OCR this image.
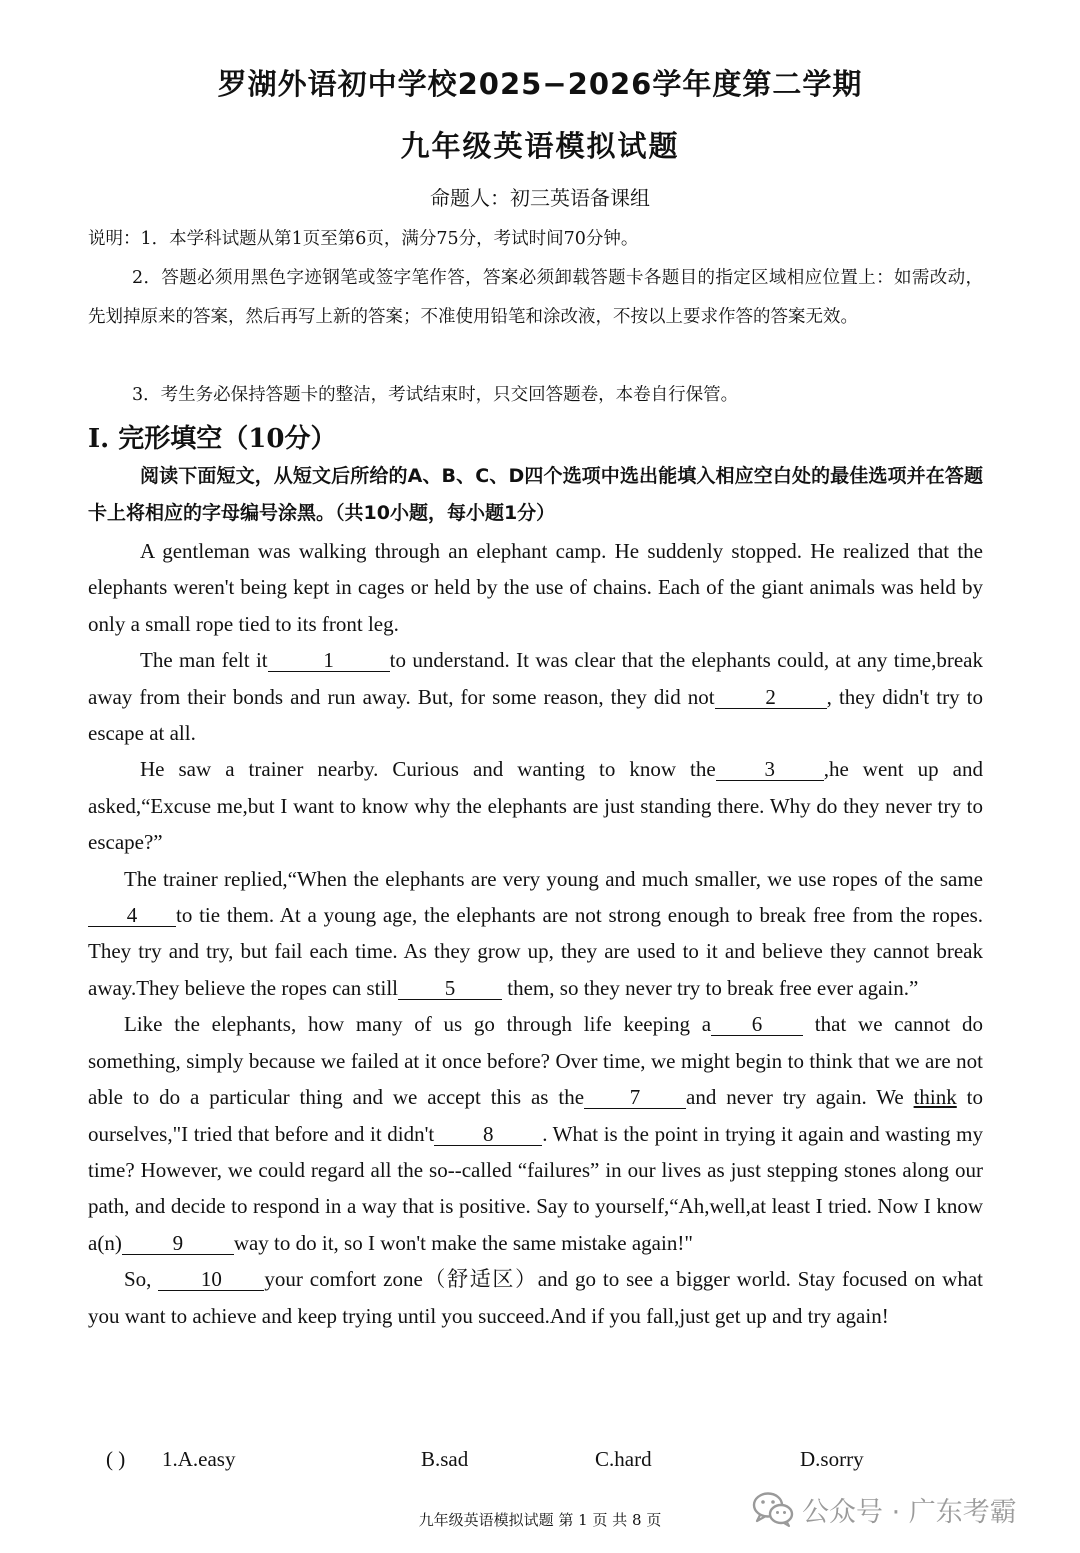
罗湖外语初中学校2025−2026学年度第二学期
九年级英语模拟试题
命题人：初三英语备课组
说明：1．本学科试题从第1页至第6页，满分75分，考试时间70分钟。
2．答题必须用黑色字迹钢笔或签字笔作答，答案必须卸载答题卡各题目的指定区域相应位置上：如需改动，先划掉原来的答案，然后再写上新的答案；不准使用铅笔和涂改液，不按以上要求作答的答案无效。
3．考生务必保持答题卡的整洁，考试结束时，只交回答题卷，本卷自行保管。
I. 完形填空（10分）
阅读下面短文，从短文后所给的A、B、C、D四个选项中选出能填入相应空白处的最佳选项并在答题卡上将相应的字母编号涂黑。（共10小题，每小题1分）

A gentleman was walking through an elephant camp. He suddenly stopped. He realized that the elephants weren't being kept in cages or held by the use of chains. Each of the giant animals was held by only a small rope tied to its front leg.

The man felt it	1	to understand. It was clear that the elephants could, at any time,break away from their bonds and run away. But, for some reason, they did not 2 , they didn't try to escape at all.

He saw a trainer nearby. Curious and wanting to know the 3 ,he went up and asked,“Excuse me,but I want to know why the elephants are just standing there. Why do they never try to escape?”

The trainer replied,“When the elephants are very young and much smaller, we use ropes of the same4 to tie them. At a young age, the elephants are not strong enough to break free from the ropes. They try and try, but fail each time. As they grow up, they are used to it and believe they cannot break away.They believe the ropes can still 5 them, so they never try to break free ever again.”

Like the elephants, how many of us go through life keeping a 6 that we cannot do something, simply because we failed at it once before? Over time, we might begin to think that we are not able to do a particular thing and we accept this as the 7 and never try again. We think to ourselves,"I tried that before and it didn't 8 . What is the point in trying it again and wasting my time? However, we could regard all the so--called “failures” in our lives as just stepping stones along our path, and decide to respond in a way that is positive. Say to yourself,“Ah,well,at least I tried. Now I know a(n) 9 way to do it, so I won't make the same mistake again!"

So, 10 your comfort zone（舒适区）and go to see a bigger world. Stay focused on what you want to achieve and keep trying until you succeed.And if you fall,just get up and try again!

( ) 1.A.easy	B.sad	C.hard	D.sorry
九年级英语模拟试题 第 1 页 共 8 页	公众号 · 广东考霸
